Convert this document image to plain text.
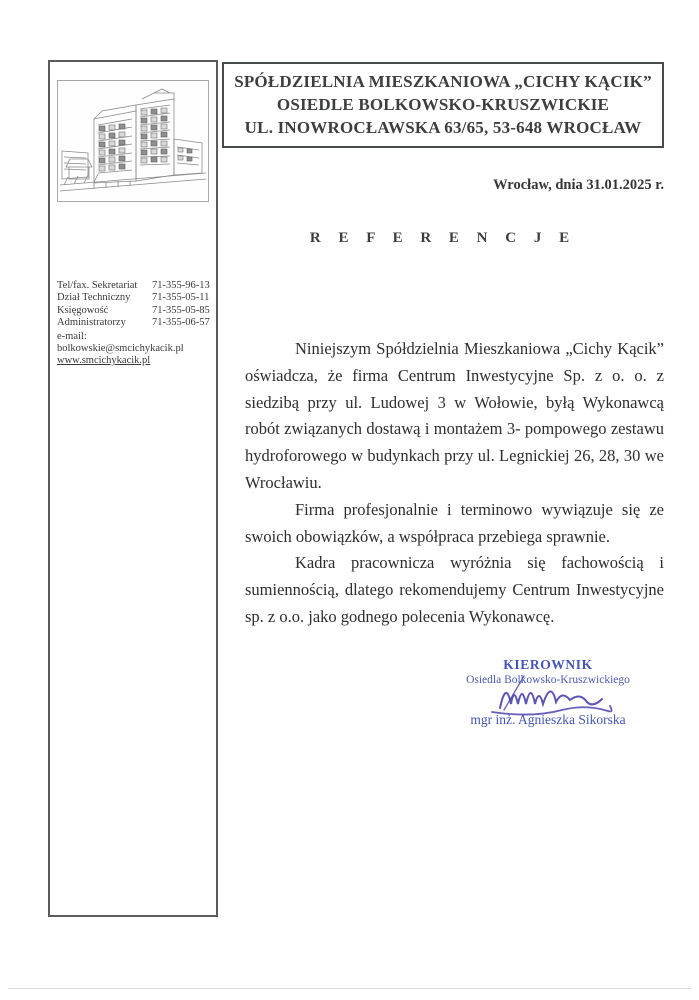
Tel/fax. Sekretariat	71-355-96-13
Dział Techniczny	71-355-05-11
Księgowość	71-355-05-85
Administratorzy	71-355-06-57
e-mail: bolkowskie@smcichykacik.pl
www.smcichykacik.pl
SPÓŁDZIELNIA MIESZKANIOWA „CICHY KĄCIK”
OSIEDLE BOLKOWSKO-KRUSZWICKIE
UL. INOWROCŁAWSKA 63/65, 53-648 WROCŁAW
Wrocław, dnia 31.01.2025 r.
R E F E R E N C J E

Niniejszym Spółdzielnia Mieszkaniowa „Cichy Kącik” oświadcza, że firma Centrum Inwestycyjne Sp. z o. o. z siedzibą przy ul. Ludowej 3 w Wołowie, byłą Wykonawcą robót związanych dostawą i montażem 3- pompowego zestawu hydroforowego w budynkach przy ul. Legnickiej 26, 28, 30 we Wrocławiu.

Firma profesjonalnie i terminowo wywiązuje się ze swoich obowiązków, a współpraca przebiega sprawnie.

Kadra pracownicza wyróżnia się fachowością i sumiennością, dlatego rekomendujemy Centrum Inwestycyjne sp. z o.o. jako godnego polecenia Wykonawcę.

KIEROWNIK
Osiedla Bolkowsko-Kruszwickiego
mgr inż. Agnieszka Sikorska
